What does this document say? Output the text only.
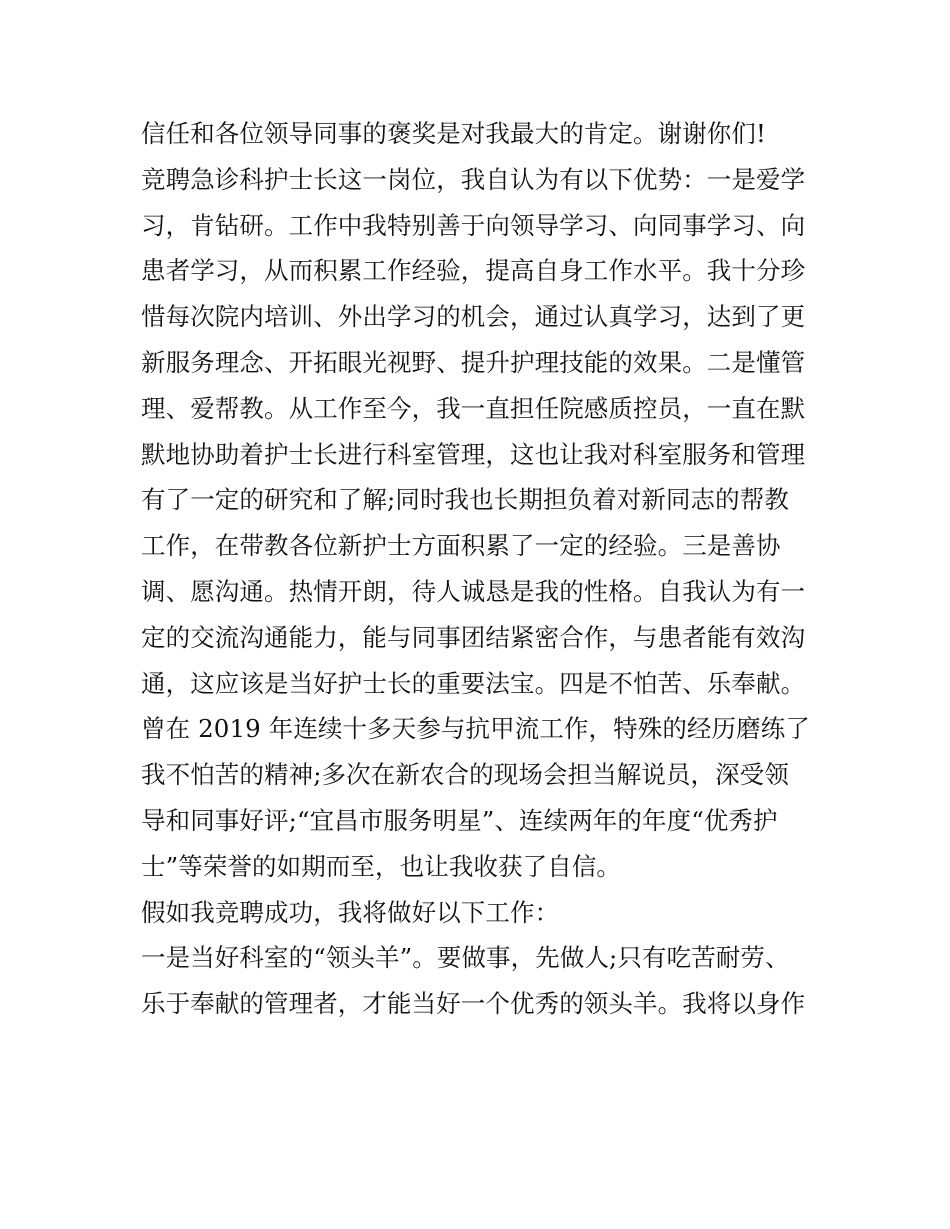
信任和各位领导同事的褒奖是对我最大的肯定。谢谢你们!
竞聘急诊科护士长这一岗位，我自认为有以下优势：一是爱学
习，肯钻研。工作中我特别善于向领导学习、向同事学习、向
患者学习，从而积累工作经验，提高自身工作水平。我十分珍
惜每次院内培训、外出学习的机会，通过认真学习，达到了更
新服务理念、开拓眼光视野、提升护理技能的效果。二是懂管
理、爱帮教。从工作至今，我一直担任院感质控员，一直在默
默地协助着护士长进行科室管理，这也让我对科室服务和管理
有了一定的研究和了解;同时我也长期担负着对新同志的帮教
工作，在带教各位新护士方面积累了一定的经验。三是善协
调、愿沟通。热情开朗，待人诚恳是我的性格。自我认为有一
定的交流沟通能力，能与同事团结紧密合作，与患者能有效沟
通，这应该是当好护士长的重要法宝。四是不怕苦、乐奉献。
曾在 2019 年连续十多天参与抗甲流工作，特殊的经历磨练了
我不怕苦的精神;多次在新农合的现场会担当解说员，深受领
导和同事好评;“宜昌市服务明星”、连续两年的年度“优秀护
士”等荣誉的如期而至，也让我收获了自信。
假如我竞聘成功，我将做好以下工作：
一是当好科室的“领头羊”。要做事，先做人;只有吃苦耐劳、
乐于奉献的管理者，才能当好一个优秀的领头羊。我将以身作
